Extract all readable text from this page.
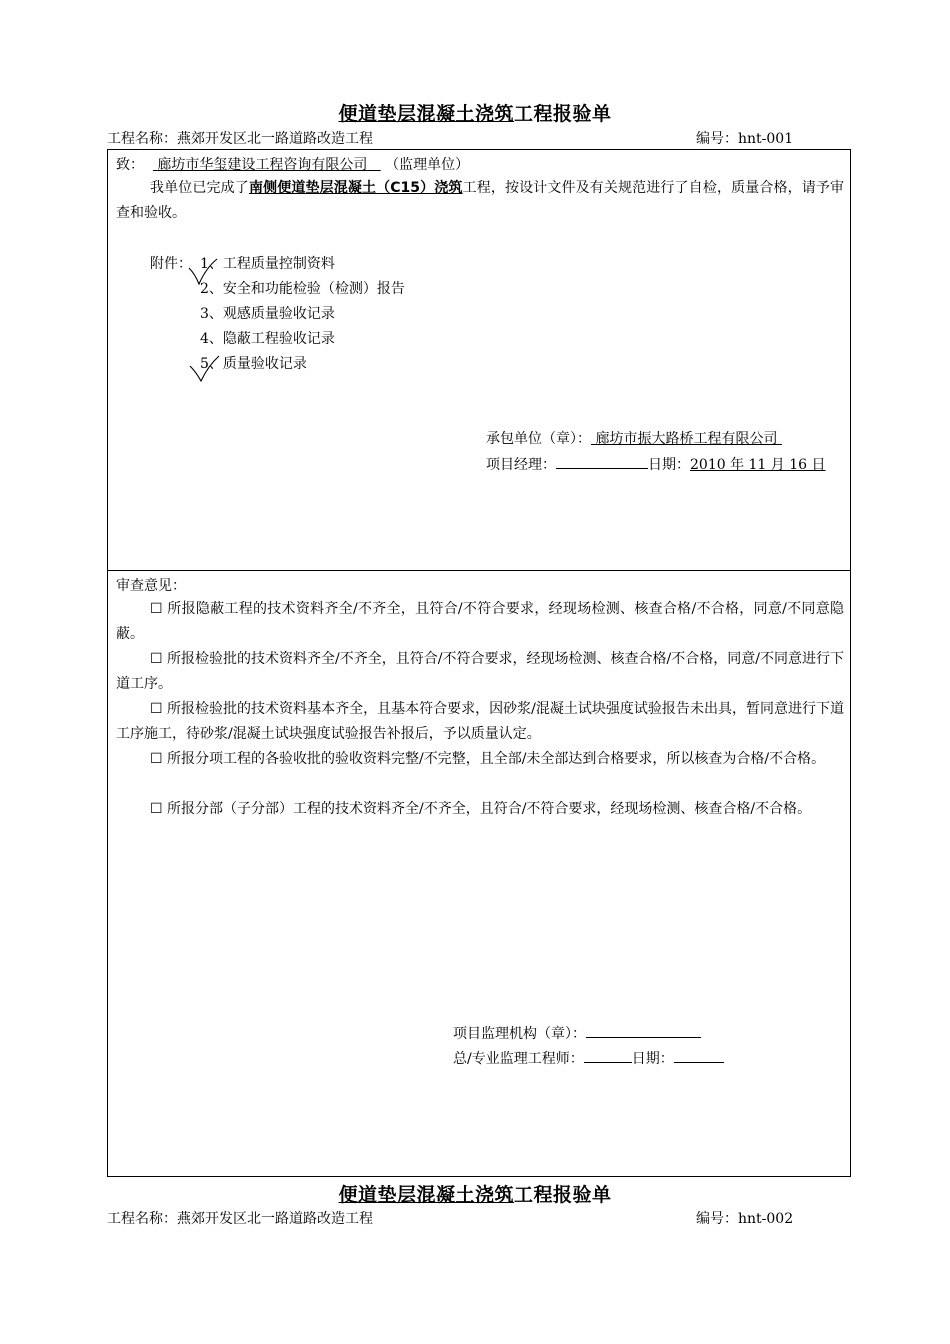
便道垫层混凝土浇筑工程报验单
工程名称：燕郊开发区北一路道路改造工程	编号：hnt-001
致： 廊坊市华玺建设工程咨询有限公司 （监理单位）
我单位已完成了南侧便道垫层混凝土（C15）浇筑工程，按设计文件及有关规范进行了自检，质量合格，请予审查和验收。
附件： 1、工程质量控制资料
2、安全和功能检验（检测）报告
3、观感质量验收记录
4、隐蔽工程验收记录
5、质量验收记录
承包单位（章）： 廊坊市振大路桥工程有限公司
项目经理：	日期：2010 年 11 月 16 日
审查意见：
☐ 所报隐蔽工程的技术资料齐全/不齐全，且符合/不符合要求，经现场检测、核查合格/不合格，同意/不同意隐蔽。
☐ 所报检验批的技术资料齐全/不齐全，且符合/不符合要求，经现场检测、核查合格/不合格，同意/不同意进行下道工序。
☐ 所报检验批的技术资料基本齐全，且基本符合要求，因砂浆/混凝土试块强度试验报告未出具，暂同意进行下道工序施工，待砂浆/混凝土试块强度试验报告补报后，予以质量认定。
☐ 所报分项工程的各验收批的验收资料完整/不完整，且全部/未全部达到合格要求，所以核查为合格/不合格。
☐ 所报分部（子分部）工程的技术资料齐全/不齐全，且符合/不符合要求，经现场检测、核查合格/不合格。
项目监理机构（章）：
总/专业监理工程师：	日期：
便道垫层混凝土浇筑工程报验单
工程名称：燕郊开发区北一路道路改造工程	编号：hnt-002
